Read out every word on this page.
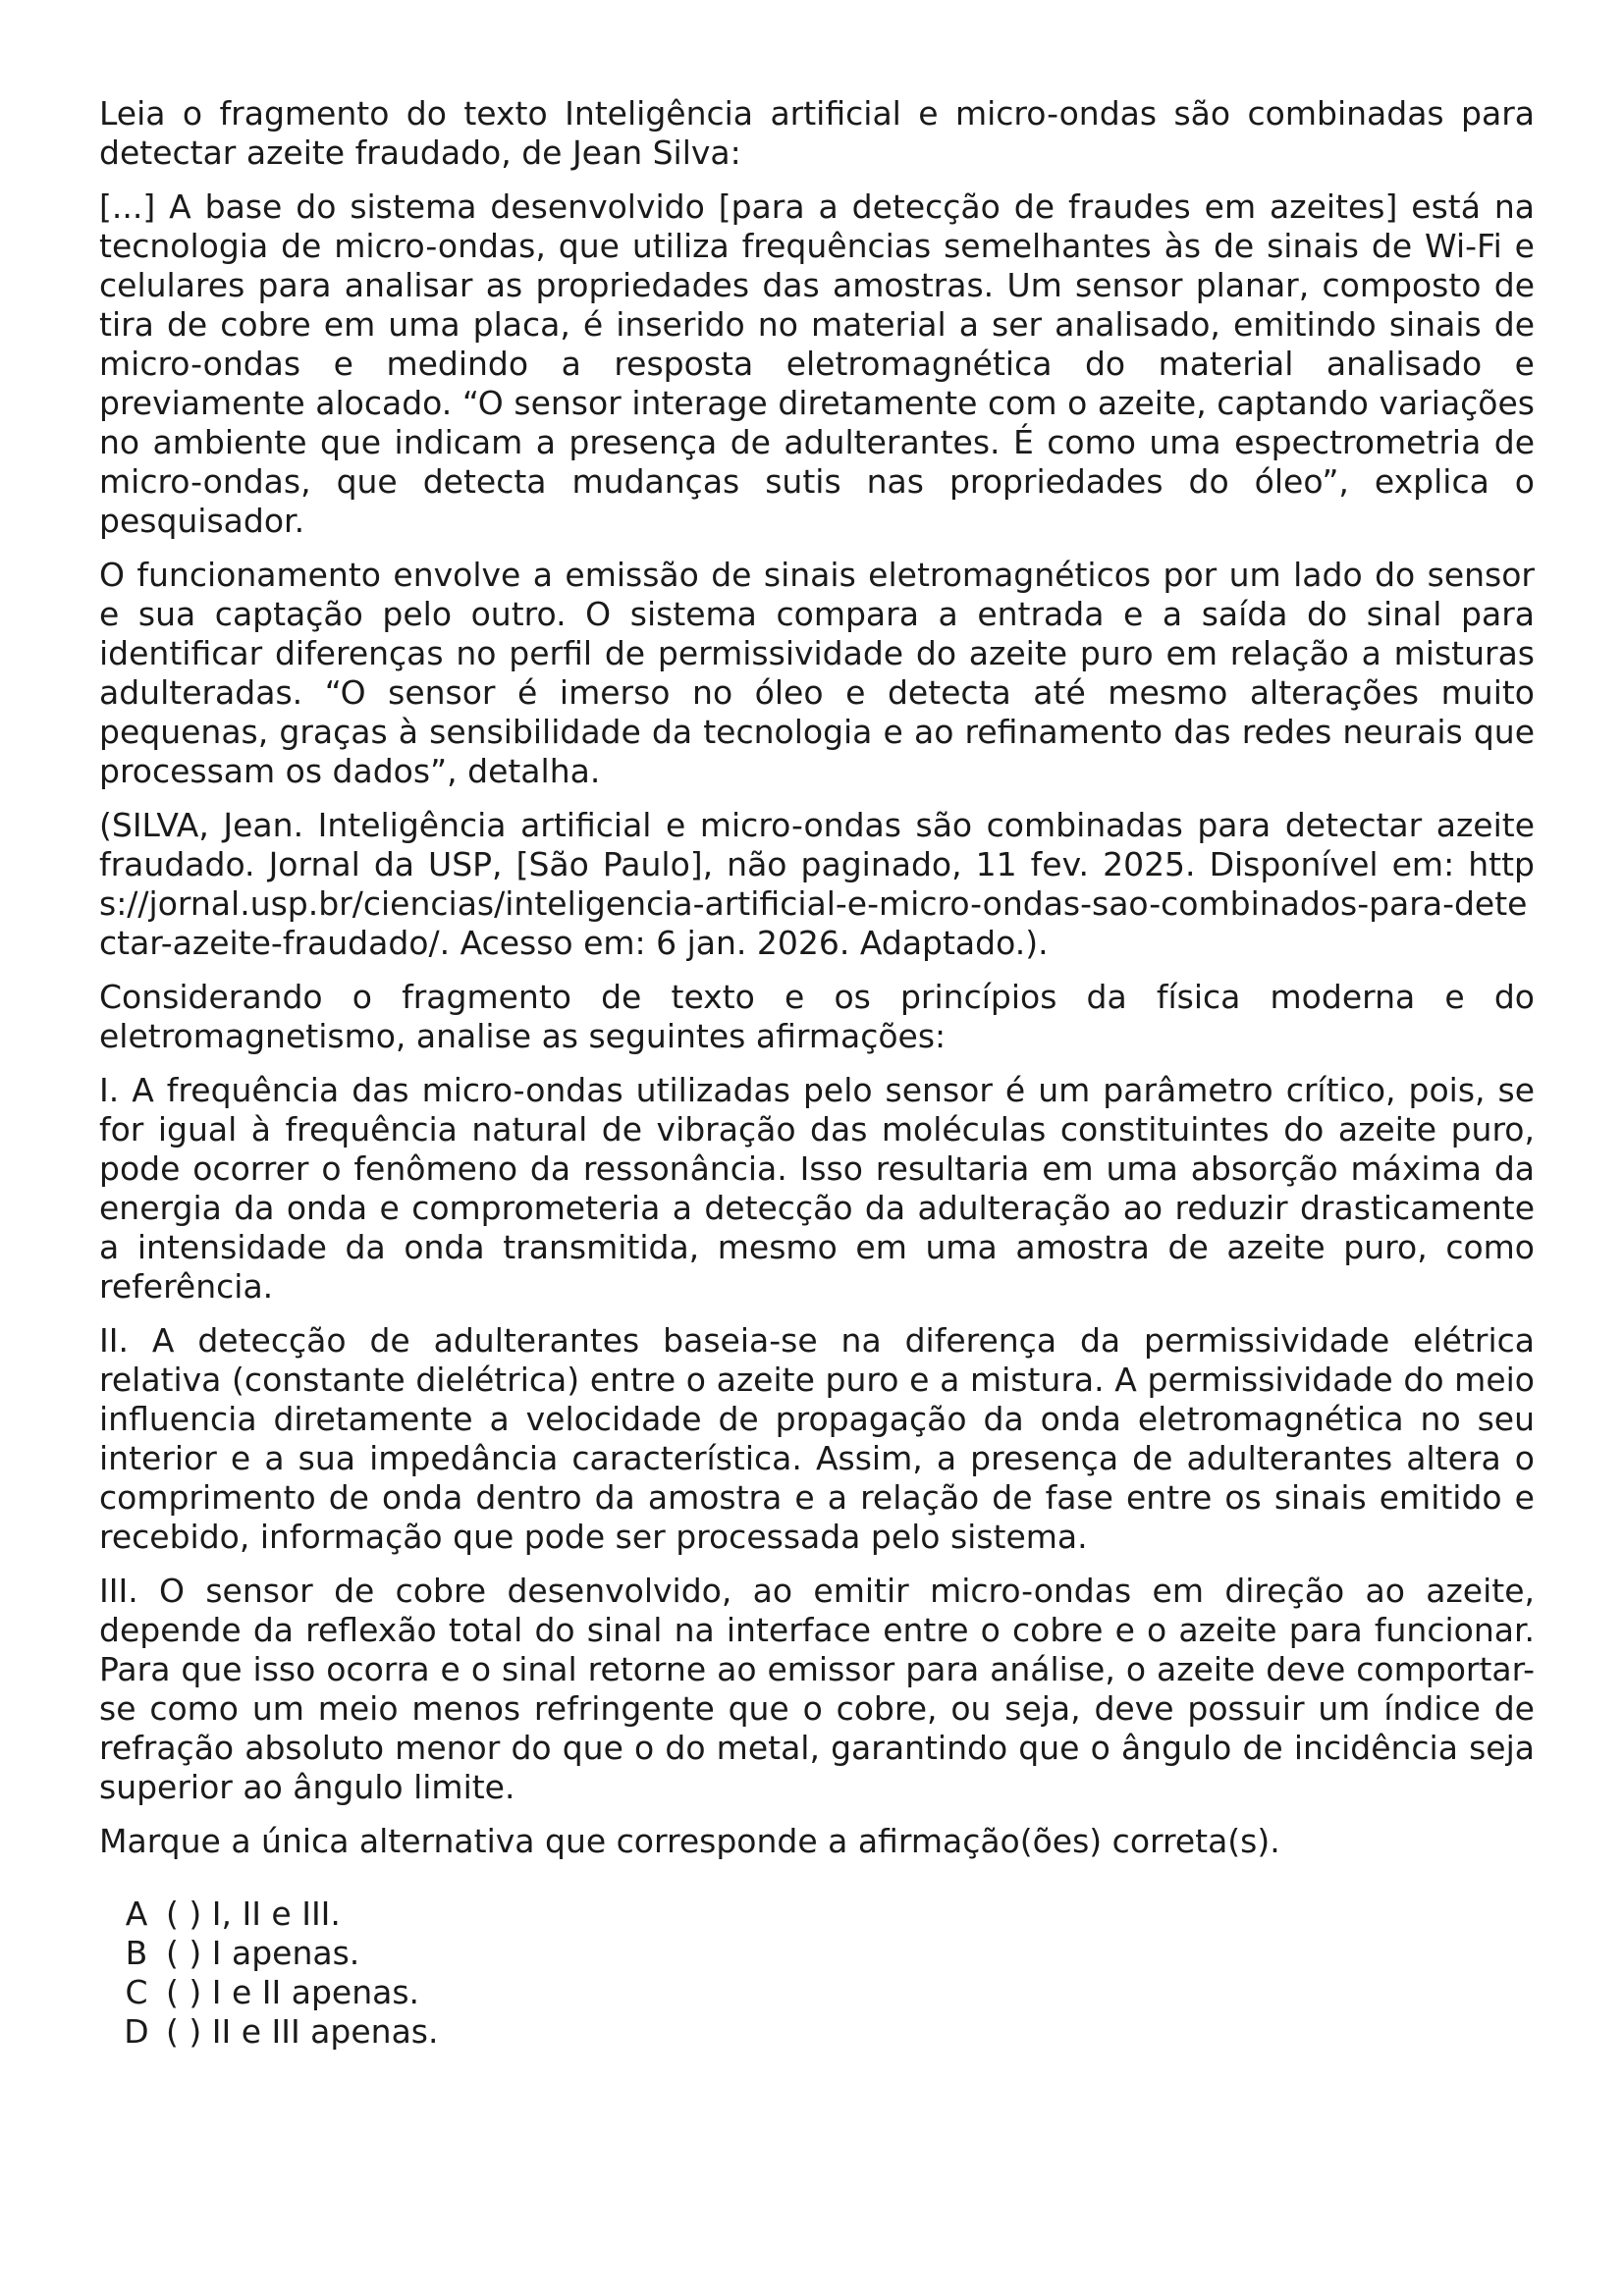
Leia o fragmento do texto Inteligência artificial e micro-ondas são combinadas para detectar azeite fraudado, de Jean Silva:

[...] A base do sistema desenvolvido [para a detecção de fraudes em azeites] está na tecnologia de micro-ondas, que utiliza frequências semelhantes às de sinais de Wi-Fi e celulares para analisar as propriedades das amostras. Um sensor planar, composto de tira de cobre em uma placa, é inserido no material a ser analisado, emitindo sinais de micro-ondas e medindo a resposta eletromagnética do material analisado e previamente alocado. “O sensor interage diretamente com o azeite, captando variações no ambiente que indicam a presença de adulterantes. É como uma espectrometria de micro-ondas, que detecta mudanças sutis nas propriedades do óleo”, explica o pesquisador.

O funcionamento envolve a emissão de sinais eletromagnéticos por um lado do sensor e sua captação pelo outro. O sistema compara a entrada e a saída do sinal para identificar diferenças no perfil de permissividade do azeite puro em relação a misturas adulteradas. “O sensor é imerso no óleo e detecta até mesmo alterações muito pequenas, graças à sensibilidade da tecnologia e ao refinamento das redes neurais que processam os dados”, detalha.

(SILVA, Jean. Inteligência artificial e micro-ondas são combinadas para detectar azeite fraudado. Jornal da USP, [São Paulo], não paginado, 11 fev. 2025. Disponível em: https://jornal.usp.br/ciencias/inteligencia-artificial-e-micro-ondas-sao-combinados-para-detectar-azeite-fraudado/. Acesso em: 6 jan. 2026. Adaptado.).

Considerando o fragmento de texto e os princípios da física moderna e do eletromagnetismo, analise as seguintes afirmações:

I. A frequência das micro-ondas utilizadas pelo sensor é um parâmetro crítico, pois, se for igual à frequência natural de vibração das moléculas constituintes do azeite puro, pode ocorrer o fenômeno da ressonância. Isso resultaria em uma absorção máxima da energia da onda e comprometeria a detecção da adulteração ao reduzir drasticamente a intensidade da onda transmitida, mesmo em uma amostra de azeite puro, como referência.

II. A detecção de adulterantes baseia-se na diferença da permissividade elétrica relativa (constante dielétrica) entre o azeite puro e a mistura. A permissividade do meio influencia diretamente a velocidade de propagação da onda eletromagnética no seu interior e a sua impedância característica. Assim, a presença de adulterantes altera o comprimento de onda dentro da amostra e a relação de fase entre os sinais emitido e recebido, informação que pode ser processada pelo sistema.

III. O sensor de cobre desenvolvido, ao emitir micro-ondas em direção ao azeite, depende da reflexão total do sinal na interface entre o cobre e o azeite para funcionar. Para que isso ocorra e o sinal retorne ao emissor para análise, o azeite deve comportar-se como um meio menos refringente que o cobre, ou seja, deve possuir um índice de refração absoluto menor do que o do metal, garantindo que o ângulo de incidência seja superior ao ângulo limite.

Marque a única alternativa que corresponde a afirmação(ões) correta(s).

A ( )
I, II e III.
B ( )
I apenas.
C ( )
I e II apenas.
D ( )
II e III apenas.
